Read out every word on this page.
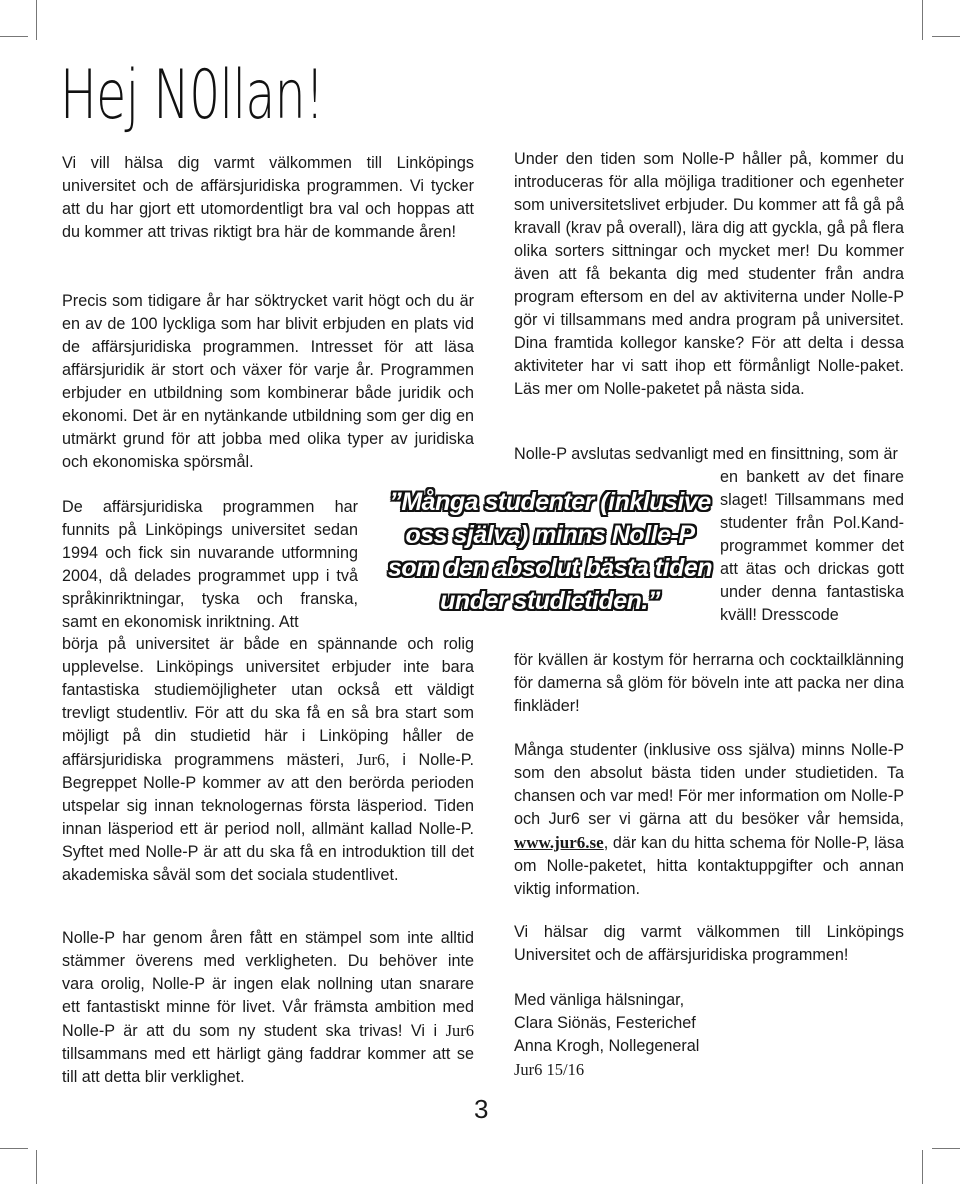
Hej N0llan!

Vi vill hälsa dig varmt välkommen till Linköpings universitet och de affärsjuridiska programmen. Vi tycker att du har gjort ett utomordentligt bra val och hoppas att du kommer att trivas riktigt bra här de kommande åren!

Precis som tidigare år har söktrycket varit högt och du är en av de 100 lyckliga som har blivit erbjuden en plats vid de affärsjuridiska programmen. Intresset för att läsa affärsjuridik är stort och växer för varje år. Programmen erbjuder en utbildning som kombinerar både juridik och ekonomi. Det är en nytänkande utbildning som ger dig en utmärkt grund för att jobba med olika typer av juridiska och ekonomiska spörsmål.

De affärsjuridiska programmen har funnits på Linköpings universitet sedan 1994 och fick sin nuvarande utformning 2004, då delades programmet upp i två språkinriktningar, tyska och franska, samt en ekonomisk inriktning. Att

börja på universitet är både en spännande och rolig upplevelse. Linköpings universitet erbjuder inte bara fantastiska studiemöjligheter utan också ett väldigt trevligt studentliv. För att du ska få en så bra start som möjligt på din studietid här i Linköping håller de affärsjuridiska programmens mästeri, Jur6, i Nolle-P. Begreppet Nolle-P kommer av att den berörda perioden utspelar sig innan teknologernas första läsperiod. Tiden innan läsperiod ett är period noll, allmänt kallad Nolle-P. Syftet med Nolle-P är att du ska få en introduktion till det akademiska såväl som det sociala studentlivet.

Nolle-P har genom åren fått en stämpel som inte alltid stämmer överens med verkligheten. Du behöver inte vara orolig, Nolle-P är ingen elak nollning utan snarare ett fantastiskt minne för livet. Vår främsta ambition med Nolle-P är att du som ny student ska trivas! Vi i Jur6 tillsammans med ett härligt gäng faddrar kommer att se till att detta blir verklighet.

”Många studenter (inklusive oss själva) minns Nolle-P som den absolut bästa tiden under studietiden.”

Under den tiden som Nolle-P håller på, kommer du introduceras för alla möjliga traditioner och egenheter som universitetslivet erbjuder. Du kommer att få gå på kravall (krav på overall), lära dig att gyckla, gå på flera olika sorters sittningar och mycket mer! Du kommer även att få bekanta dig med studenter från andra program eftersom en del av aktiviterna under Nolle-P gör vi tillsammans med andra program på universitet. Dina framtida kollegor kanske? För att delta i dessa aktiviteter har vi satt ihop ett förmånligt Nolle-paket. Läs mer om Nolle-paketet på nästa sida.

Nolle-P avslutas sedvanligt med en finsittning, som är

en bankett av det finare slaget! Tillsammans med studenter från Pol.Kand-programmet kommer det att ätas och drickas gott under denna fantastiska kväll! Dresscode

för kvällen är kostym för herrarna och cocktailklänning för damerna så glöm för böveln inte att packa ner dina finkläder!

Många studenter (inklusive oss själva) minns Nolle-P som den absolut bästa tiden under studietiden. Ta chansen och var med! För mer information om Nolle-P och Jur6 ser vi gärna att du besöker vår hemsida, www.jur6.se, där kan du hitta schema för Nolle-P, läsa om Nolle-paketet, hitta kontaktuppgifter och annan viktig information.

Vi hälsar dig varmt välkommen till Linköpings Universitet och de affärsjuridiska programmen!

Med vänliga hälsningar,

Clara Siönäs, Festerichef

Anna Krogh, Nollegeneral

Jur6 15/16

3
